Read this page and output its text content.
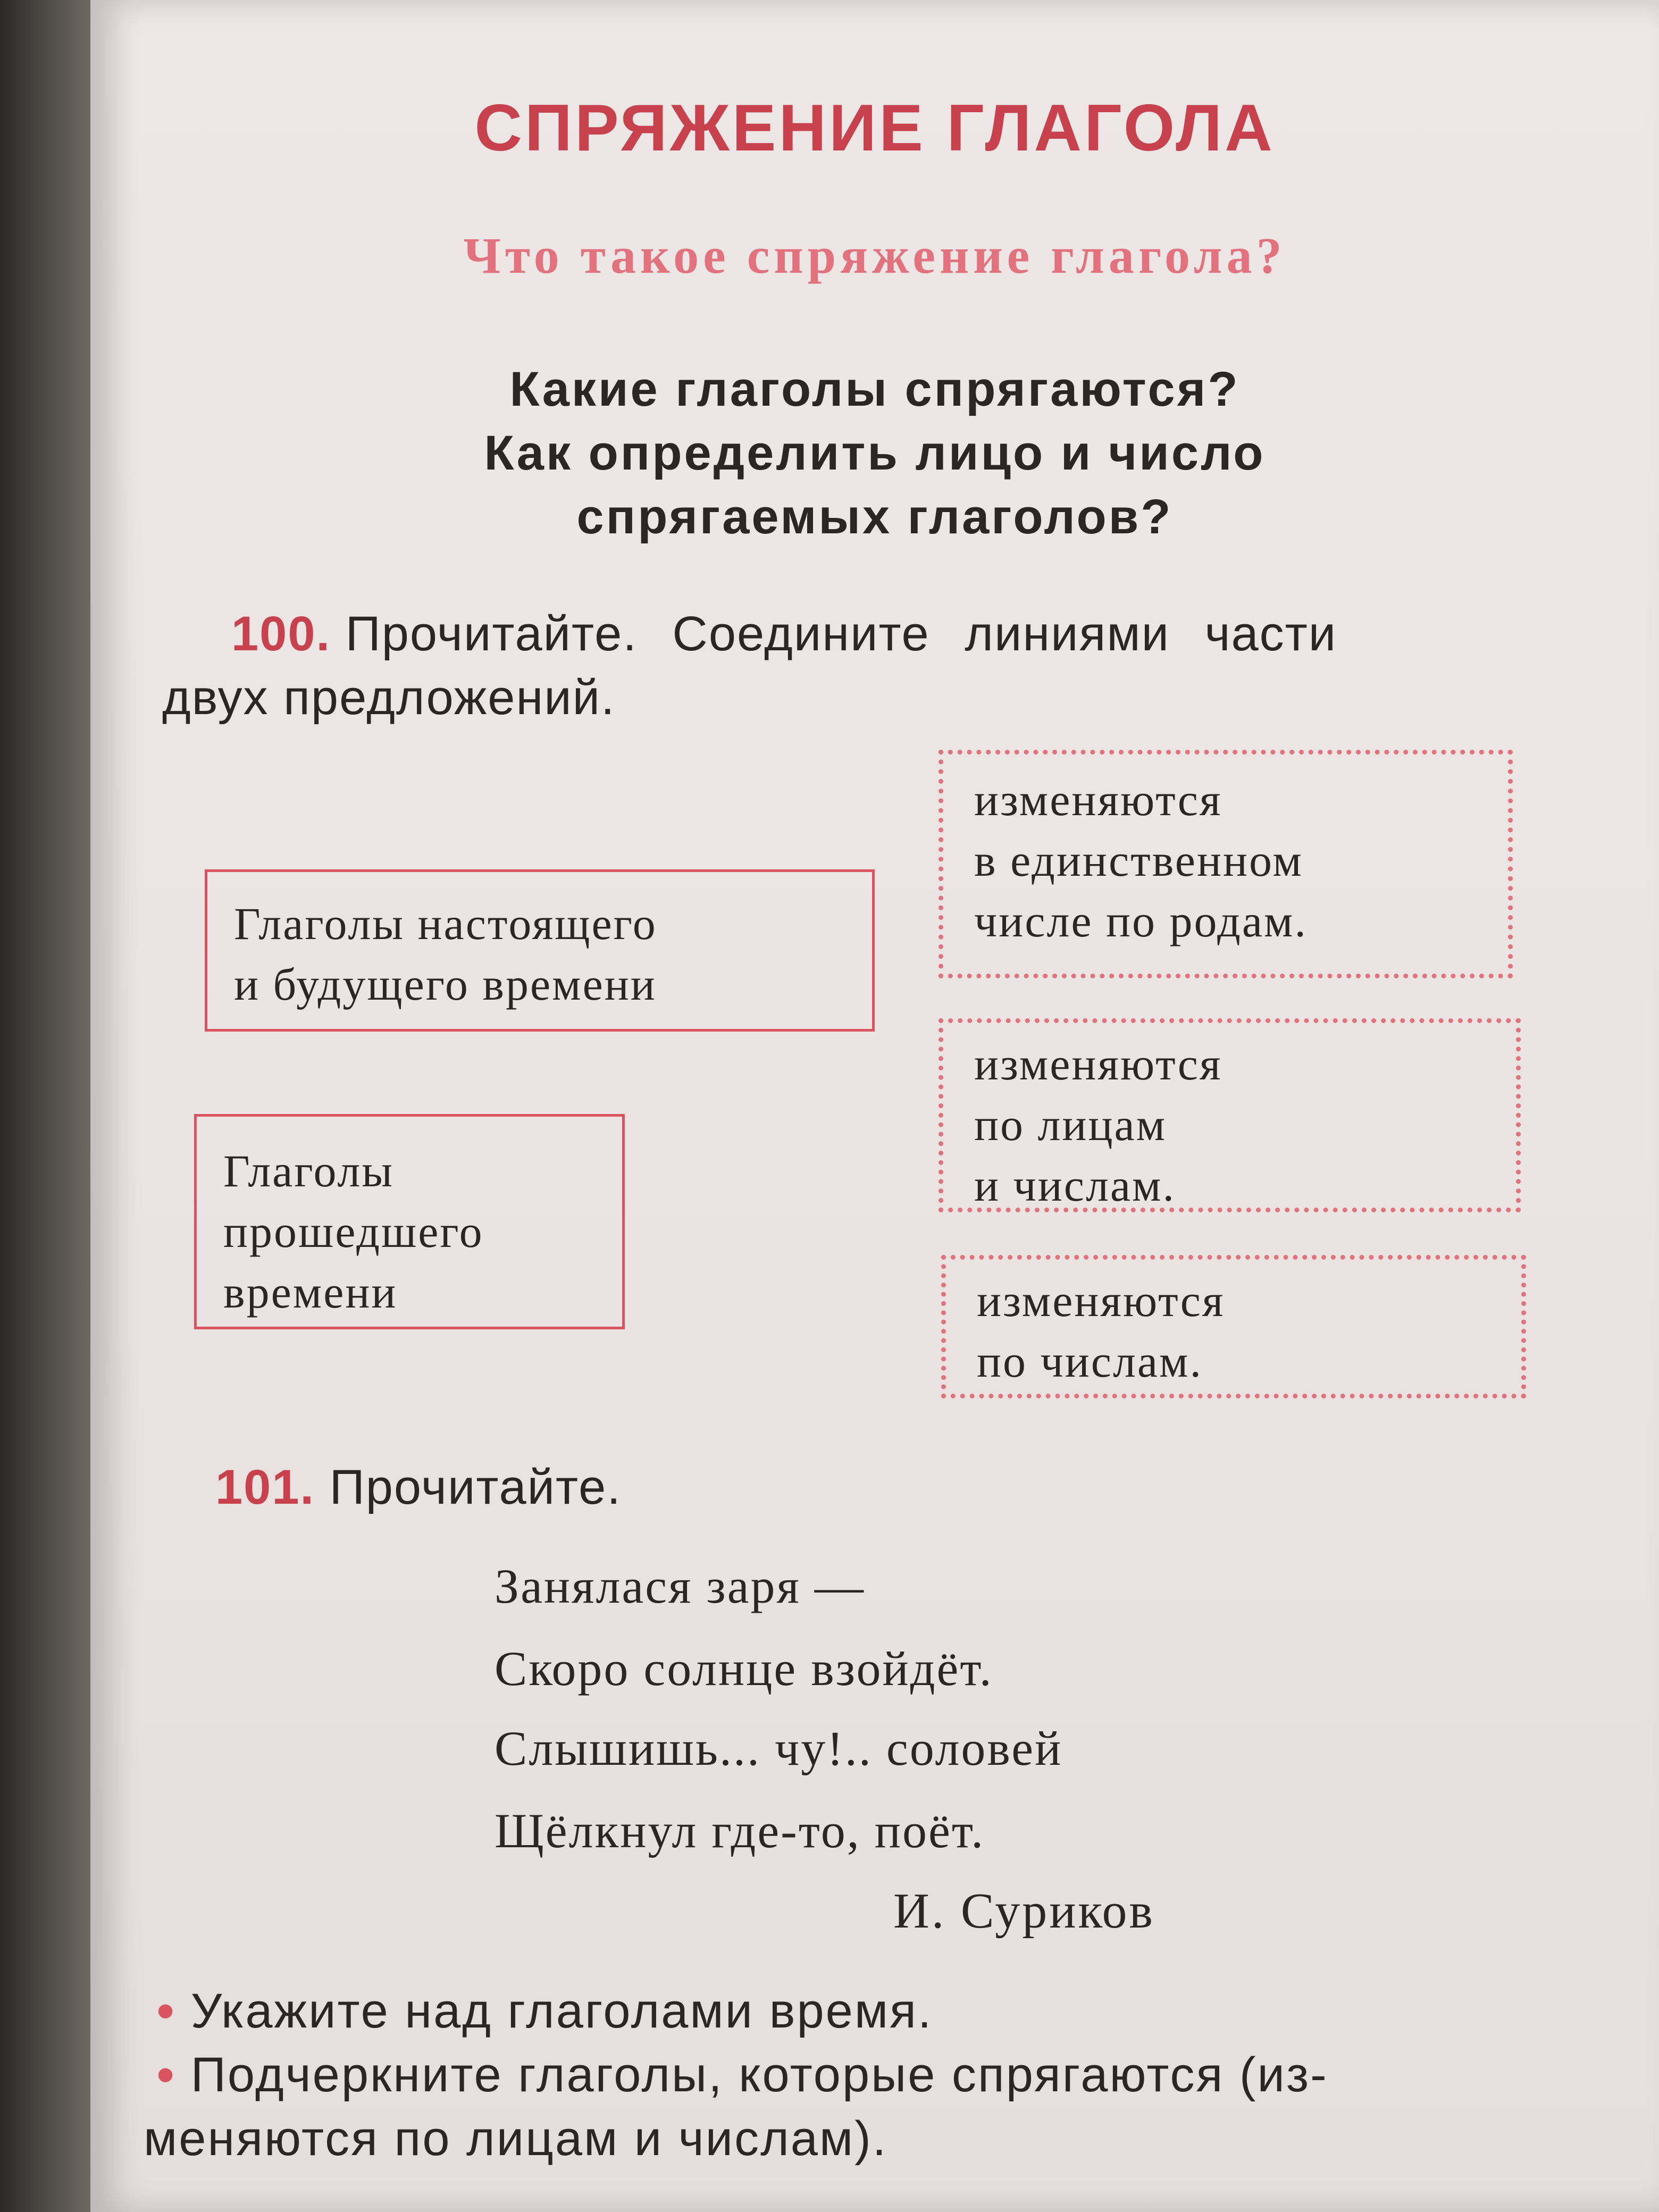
СПРЯЖЕНИЕ ГЛАГОЛА
Что такое спряжение глагола?
Какие глаголы спрягаются?
Как определить лицо и число
спрягаемых глаголов?
100. Прочитайте. Соедините линиями части
двух предложений.
Глаголы настоящего
и будущего времени
Глаголы
прошедшего
времени
изменяются
в единственном
числе по родам.
изменяются
по лицам
и числам.
изменяются
по числам.
101. Прочитайте.
Занялася заря —
Скоро солнце взойдёт.
Слышишь... чу!.. соловей
Щёлкнул где-то, поёт.
И. Суриков
• Укажите над глаголами время.
• Подчеркните глаголы, которые спрягаются (из-
меняются по лицам и числам).
